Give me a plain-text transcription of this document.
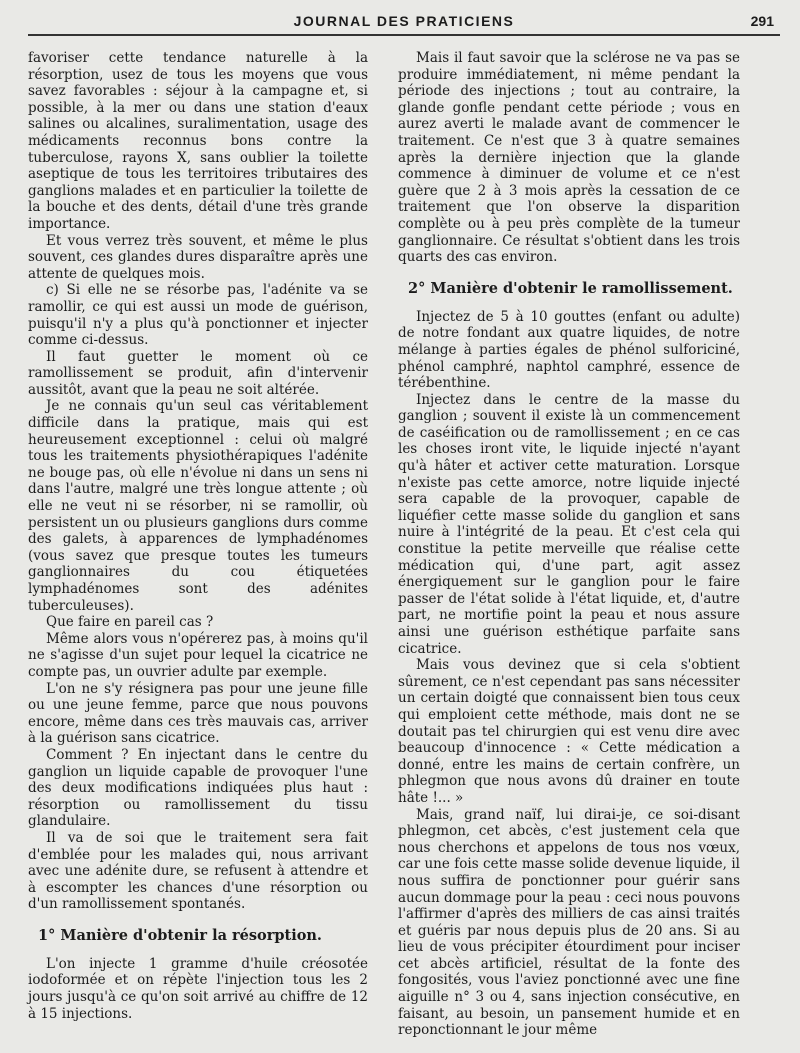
JOURNAL DES PRATICIENS	291

favoriser cette tendance naturelle à la résorption, usez de tous les moyens que vous savez favorables : séjour à la campagne et, si possible, à la mer ou dans une station d'eaux salines ou alcalines, suralimentation, usage des médicaments reconnus bons contre la tuberculose, rayons X, sans oublier la toilette aseptique de tous les territoires tributaires des ganglions malades et en particulier la toilette de la bouche et des dents, détail d'une très grande importance.

Et vous verrez très souvent, et même le plus souvent, ces glandes dures disparaître après une attente de quelques mois.

c) Si elle ne se résorbe pas, l'adénite va se ramollir, ce qui est aussi un mode de guérison, puisqu'il n'y a plus qu'à ponctionner et injecter comme ci-dessus.

Il faut guetter le moment où ce ramollissement se produit, afin d'intervenir aussitôt, avant que la peau ne soit altérée.

Je ne connais qu'un seul cas véritablement difficile dans la pratique, mais qui est heureusement exceptionnel : celui où malgré tous les traitements physiothérapiques l'adénite ne bouge pas, où elle n'évolue ni dans un sens ni dans l'autre, malgré une très longue attente ; où elle ne veut ni se résorber, ni se ramollir, où persistent un ou plusieurs ganglions durs comme des galets, à apparences de lymphadénomes (vous savez que presque toutes les tumeurs ganglionnaires du cou étiquetées lymphadénomes sont des adénites tuberculeuses).

Que faire en pareil cas ?

Même alors vous n'opérerez pas, à moins qu'il ne s'agisse d'un sujet pour lequel la cicatrice ne compte pas, un ouvrier adulte par exemple.

L'on ne s'y résignera pas pour une jeune fille ou une jeune femme, parce que nous pouvons encore, même dans ces très mauvais cas, arriver à la guérison sans cicatrice.

Comment ? En injectant dans le centre du ganglion un liquide capable de provoquer l'une des deux modifications indiquées plus haut : résorption ou ramollissement du tissu glandulaire.

Il va de soi que le traitement sera fait d'emblée pour les malades qui, nous arrivant avec une adénite dure, se refusent à attendre et à escompter les chances d'une résorption ou d'un ramollissement spontanés.

1° Manière d'obtenir la résorption.

L'on injecte 1 gramme d'huile créosotée iodoformée et on répète l'injection tous les 2 jours jusqu'à ce qu'on soit arrivé au chiffre de 12 à 15 injections.

Mais il faut savoir que la sclérose ne va pas se produire immédiatement, ni même pendant la période des injections ; tout au contraire, la glande gonfle pendant cette période ; vous en aurez averti le malade avant de commencer le traitement. Ce n'est que 3 à quatre semaines après la dernière injection que la glande commence à diminuer de volume et ce n'est guère que 2 à 3 mois après la cessation de ce traitement que l'on observe la disparition complète ou à peu près complète de la tumeur ganglionnaire. Ce résultat s'obtient dans les trois quarts des cas environ.

2° Manière d'obtenir le ramollissement.

Injectez de 5 à 10 gouttes (enfant ou adulte) de notre fondant aux quatre liquides, de notre mélange à parties égales de phénol sulforiciné, phénol camphré, naphtol camphré, essence de térébenthine.

Injectez dans le centre de la masse du ganglion ; souvent il existe là un commencement de caséification ou de ramollissement ; en ce cas les choses iront vite, le liquide injecté n'ayant qu'à hâter et activer cette maturation. Lorsque n'existe pas cette amorce, notre liquide injecté sera capable de la provoquer, capable de liquéfier cette masse solide du ganglion et sans nuire à l'intégrité de la peau. Et c'est cela qui constitue la petite merveille que réalise cette médication qui, d'une part, agit assez énergiquement sur le ganglion pour le faire passer de l'état solide à l'état liquide, et, d'autre part, ne mortifie point la peau et nous assure ainsi une guérison esthétique parfaite sans cicatrice.

Mais vous devinez que si cela s'obtient sûrement, ce n'est cependant pas sans nécessiter un certain doigté que connaissent bien tous ceux qui emploient cette méthode, mais dont ne se doutait pas tel chirurgien qui est venu dire avec beaucoup d'innocence : « Cette médication a donné, entre les mains de certain confrère, un phlegmon que nous avons dû drainer en toute hâte !... »

Mais, grand naïf, lui dirai-je, ce soi-disant phlegmon, cet abcès, c'est justement cela que nous cherchons et appelons de tous nos vœux, car une fois cette masse solide devenue liquide, il nous suffira de ponctionner pour guérir sans aucun dommage pour la peau : ceci nous pouvons l'affirmer d'après des milliers de cas ainsi traités et guéris par nous depuis plus de 20 ans. Si au lieu de vous précipiter étourdiment pour inciser cet abcès artificiel, résultat de la fonte des fongosités, vous l'aviez ponctionné avec une fine aiguille n° 3 ou 4, sans injection consécutive, en faisant, au besoin, un pansement humide et en reponctionnant le jour même
